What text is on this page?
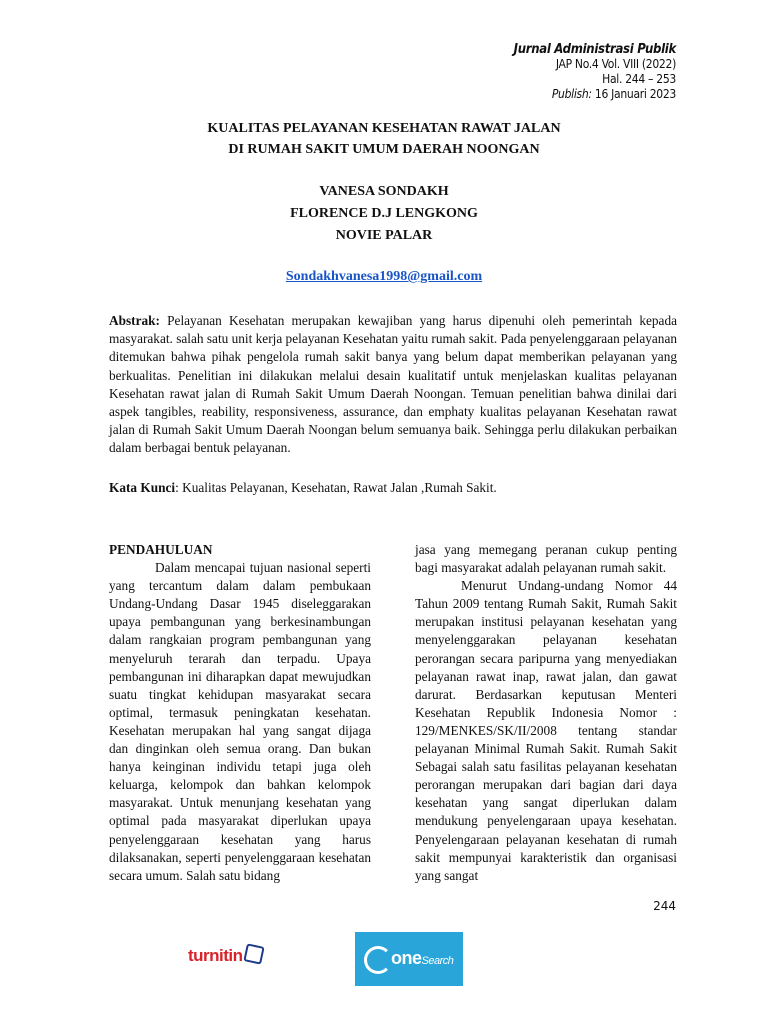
Jurnal Administrasi Publik
JAP No.4 Vol. VIII (2022)
Hal. 244 – 253
Publish: 16 Januari 2023
KUALITAS PELAYANAN KESEHATAN RAWAT JALAN
DI RUMAH SAKIT UMUM DAERAH NOONGAN
VANESA SONDAKH
FLORENCE D.J LENGKONG
NOVIE PALAR
Sondakhvanesa1998@gmail.com
Abstrak: Pelayanan Kesehatan merupakan kewajiban yang harus dipenuhi oleh pemerintah kepada masyarakat. salah satu unit kerja pelayanan Kesehatan yaitu rumah sakit. Pada penyelenggaraan pelayanan ditemukan bahwa pihak pengelola rumah sakit banya yang belum dapat memberikan pelayanan yang berkualitas. Penelitian ini dilakukan melalui desain kualitatif untuk menjelaskan kualitas pelayanan Kesehatan rawat jalan di Rumah Sakit Umum Daerah Noongan. Temuan penelitian bahwa dinilai dari aspek tangibles, reability, responsiveness, assurance, dan emphaty kualitas pelayanan Kesehatan rawat jalan di Rumah Sakit Umum Daerah Noongan belum semuanya baik. Sehingga perlu dilakukan perbaikan dalam berbagai bentuk pelayanan.
Kata Kunci: Kualitas Pelayanan, Kesehatan, Rawat Jalan ,Rumah Sakit.

PENDAHULUAN

Dalam mencapai tujuan nasional seperti yang tercantum dalam dalam pembukaan Undang-Undang Dasar 1945 diseleggarakan upaya pembangunan yang berkesinambungan dalam rangkaian program pembangunan yang menyeluruh terarah dan terpadu. Upaya pembangunan ini diharapkan dapat mewujudkan suatu tingkat kehidupan masyarakat secara optimal, termasuk peningkatan kesehatan. Kesehatan merupakan hal yang sangat dijaga dan dinginkan oleh semua orang. Dan bukan hanya keinginan individu tetapi juga oleh keluarga, kelompok dan bahkan kelompok masyarakat. Untuk menunjang kesehatan yang optimal pada masyarakat diperlukan upaya penyelenggaraan kesehatan yang harus dilaksanakan, seperti penyelenggaraan kesehatan secara umum. Salah satu bidang

jasa yang memegang peranan cukup penting bagi masyarakat adalah pelayanan rumah sakit.

Menurut Undang-undang Nomor 44 Tahun 2009 tentang Rumah Sakit, Rumah Sakit merupakan institusi pelayanan kesehatan yang menyelenggarakan pelayanan kesehatan perorangan secara paripurna yang menyediakan pelayanan rawat inap, rawat jalan, dan gawat darurat. Berdasarkan keputusan Menteri Kesehatan Republik Indonesia Nomor : 129/MENKES/SK/II/2008 tentang standar pelayanan Minimal Rumah Sakit. Rumah Sakit Sebagai salah satu fasilitas pelayanan kesehatan perorangan merupakan dari bagian dari daya kesehatan yang sangat diperlukan dalam mendukung penyelengaraan upaya kesehatan. Penyelengaraan pelayanan kesehatan di rumah sakit mempunyai karakteristik dan organisasi yang sangat

244
turnitin	oneSearch
